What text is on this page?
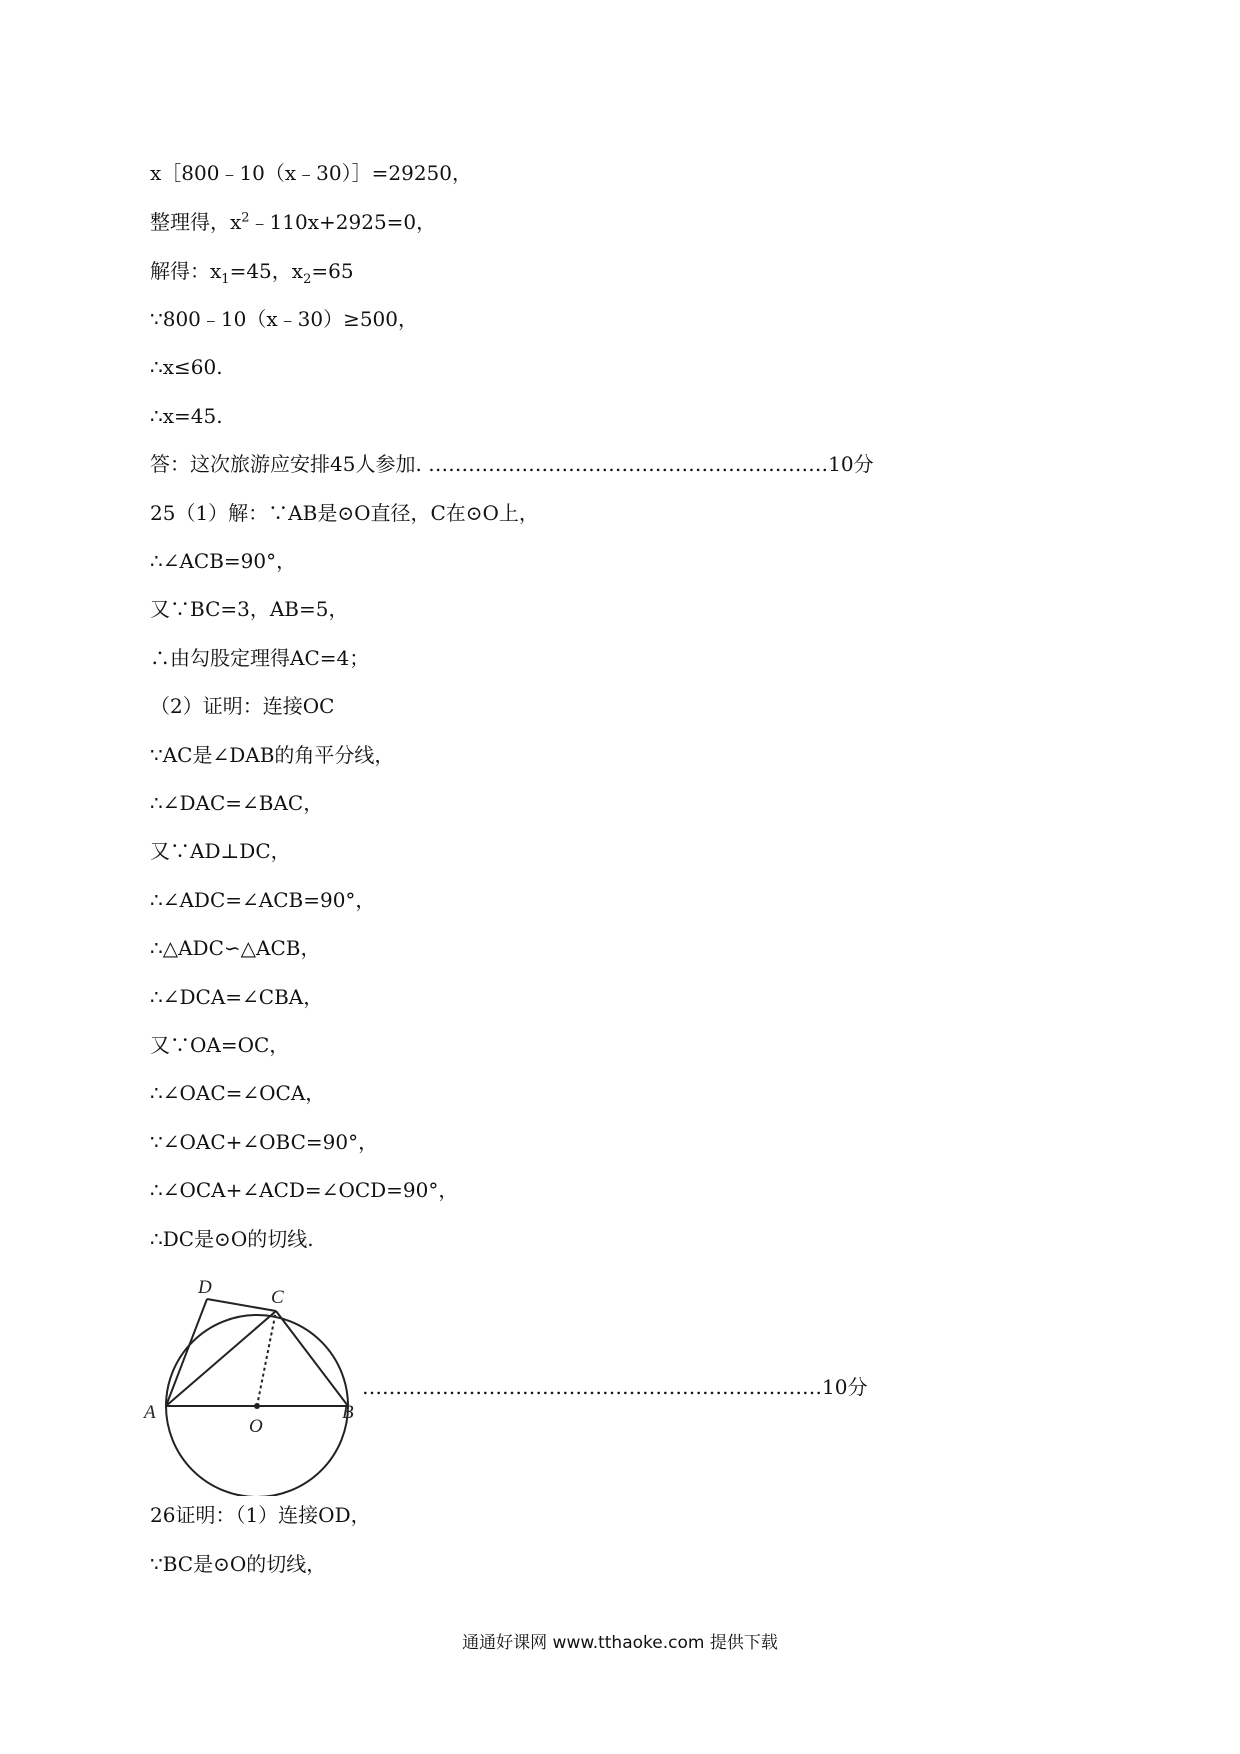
x［800﹣10（x﹣30）］=29250，
整理得，$x^2﹣110x+2925=0$，
解得：$x_1=45$，$x_2=65$
∵800﹣10（x﹣30）≥500，
∴x≤60.
∴x=45.
答：这次旅游应安排45人参加. ……………………………………………………10分
25（1）解：∵AB是⊙O直径，C在⊙O上，
∴∠ACB=90°，
又∵BC=3，AB=5，
∴由勾股定理得AC=4；
（2）证明：连接OC
∵AC是∠DAB的角平分线，
∴∠DAC=∠BAC，
又∵AD⊥DC，
∴∠ADC=∠ACB=90°，
∴△ADC∽△ACB，
∴∠DCA=∠CBA，
又∵OA=OC，
∴∠OAC=∠OCA，
∵∠OAC+∠OBC=90°，
∴∠OCA+∠ACD=∠OCD=90°，
∴DC是⊙O的切线.
D	C
A
O
B
……………………………………………………………10分
26证明：（1）连接OD，
∵BC是⊙O的切线，
通通好课网 www.tthaoke.com 提供下载
